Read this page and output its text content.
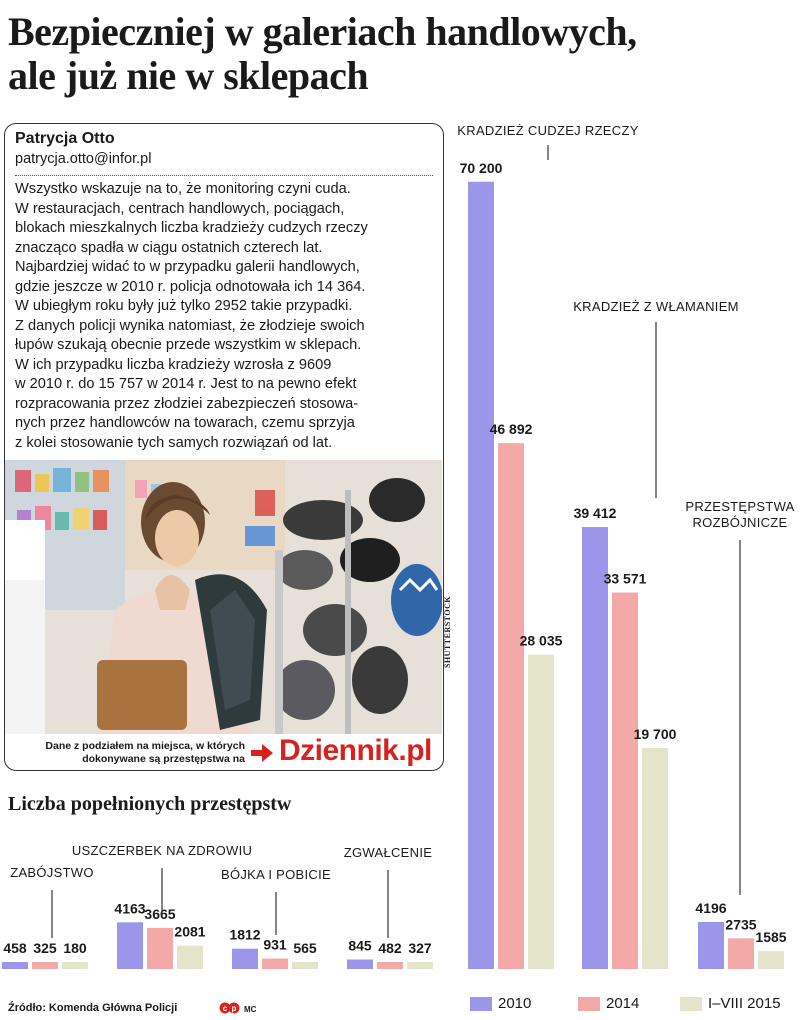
Bezpieczniej w galeriach handlowych,
ale już nie w sklepach
Patrycja Otto
patrycja.otto@infor.pl

Wszystko wskazuje na to, że monitoring czyni cuda.
W restauracjach, centrach handlowych, pociągach,
blokach mieszkalnych liczba kradzieży cudzych rzeczy
znacząco spadła w ciągu ostatnich czterech lat.
Najbardziej widać to w przypadku galerii handlowych,
gdzie jeszcze w 2010 r. policja odnotowała ich 14 364.
W ubiegłym roku były już tylko 2952 takie przypadki.
Z danych policji wynika natomiast, że złodzieje swoich
łupów szukają obecnie przede wszystkim w sklepach.
W ich przypadku liczba kradzieży wzrosła z 9609
w 2010 r. do 15 757 w 2014 r. Jest to na pewno efekt
rozpracowania przez złodziei zabezpieczeń stosowa-
nych przez handlowców na towarach, czemu sprzyja
z kolei stosowanie tych samych rozwiązań od lat.

Dane z podziałem na miejsca, w których
dokonywane są przestępstwa na Dziennik.pl
SHUTTERSTOCK
Liczba popełnionych przestępstw
458 325 180
ZABÓJSTWO
4163
3665
2081
USZCZERBEK NA ZDROWIU
1812
931 565
BÓJKA I POBICIE
845 482 327
ZGWAŁCENIE
70 200
46 892
28 035
KRADZIEŻ CUDZEJ RZECZY
39 412
33 571
19 700
KRADZIEŻ Z WŁAMANIEM
4196
2735
1585
PRZESTĘPSTWA
ROZBÓJNICZE
Źródło: Komenda Główna Policji	c p MC	2010	2014	I–VIII 2015
